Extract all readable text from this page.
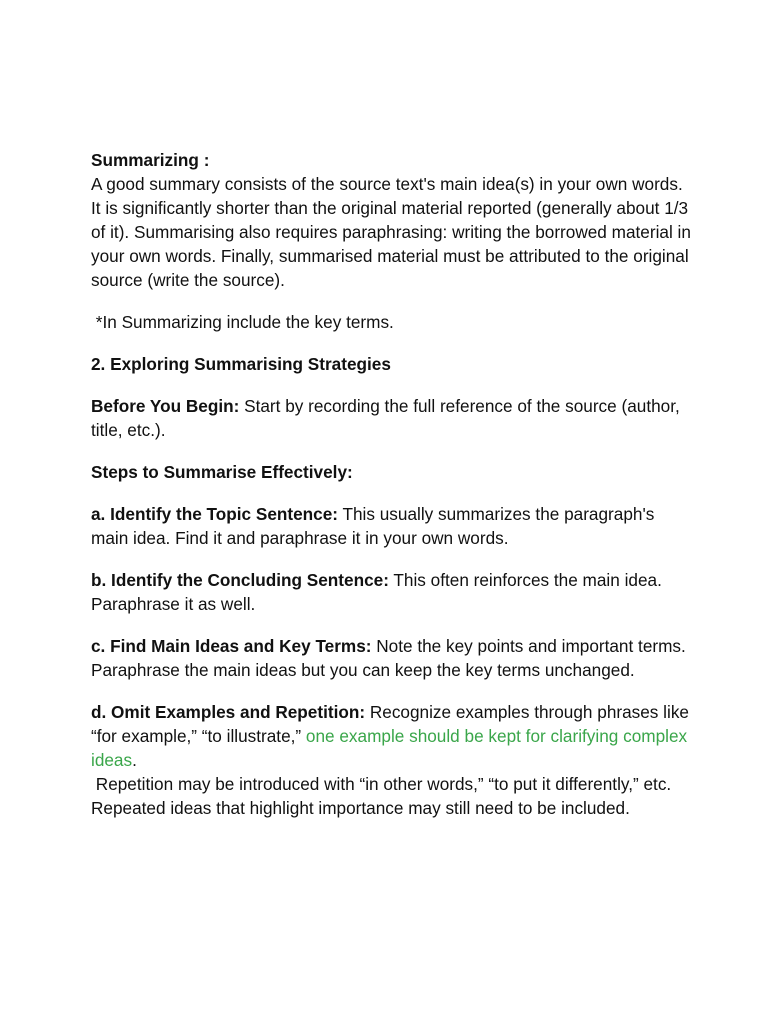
Summarizing :
A good summary consists of the source text's main idea(s) in your own words. It is significantly shorter than the original material reported (generally about 1/3 of it). Summarising also requires paraphrasing: writing the borrowed material in your own words. Finally, summarised material must be attributed to the original source (write the source).

*In Summarizing include the key terms.

2. Exploring Summarising Strategies

Before You Begin: Start by recording the full reference of the source (author, title, etc.).

Steps to Summarise Effectively:

a. Identify the Topic Sentence: This usually summarizes the paragraph's main idea. Find it and paraphrase it in your own words.

b. Identify the Concluding Sentence: This often reinforces the main idea. Paraphrase it as well.

c. Find Main Ideas and Key Terms: Note the key points and important terms. Paraphrase the main ideas but you can keep the key terms unchanged.

d. Omit Examples and Repetition: Recognize examples through phrases like “for example,” “to illustrate,” one example should be kept for clarifying complex ideas.
Repetition may be introduced with “in other words,” “to put it differently,” etc. Repeated ideas that highlight importance may still need to be included.
